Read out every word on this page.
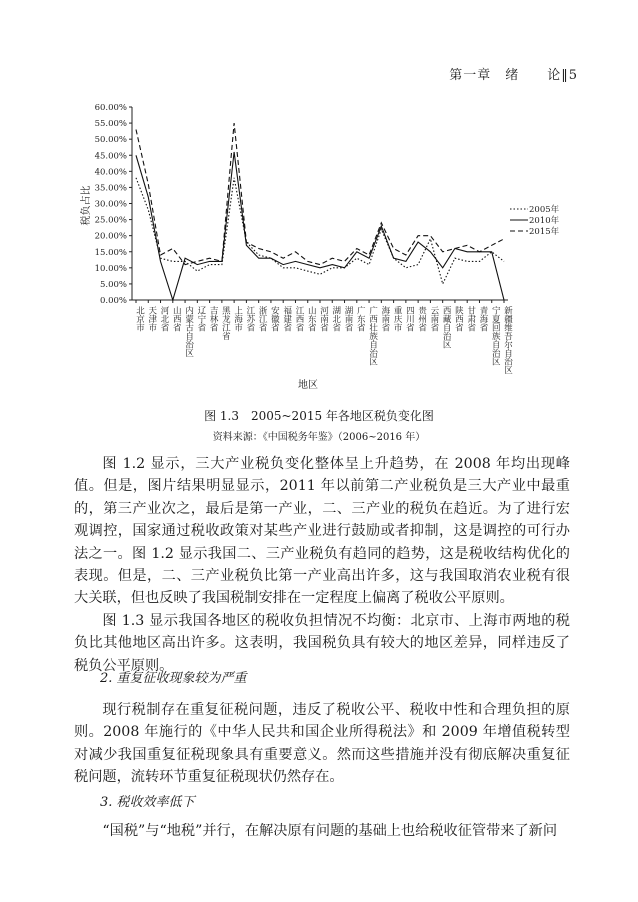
第一章　绪　　论‖5
0.00%
5.00%
10.00%
15.00%
20.00%
25.00%
30.00%
35.00%
40.00%
45.00%
50.00%
55.00%
60.00%
税负占比
北京市 天津市 河北省 山西省 内蒙古自治区 辽宁省 吉林省 黑龙江省 上海市 江苏省 浙江省 安徽省 福建省 江西省 山东省 河南省 湖北省 湖南省 广东省 广西壮族自治区 海南省 重庆市 四川省 贵州省 云南省 西藏自治区 陕西省 甘肃省 青海省 宁夏回族自治区 新疆维吾尔自治区
地区
2005年
2010年
2015年
图 1.3　2005~2015 年各地区税负变化图
资料来源：《中国税务年鉴》（2006~2016 年）

图 1.2 显示，三大产业税负变化整体呈上升趋势，在 2008 年均出现峰值。但是，图片结果明显显示，2011 年以前第二产业税负是三大产业中最重的，第三产业次之，最后是第一产业，二、三产业的税负在趋近。为了进行宏观调控，国家通过税收政策对某些产业进行鼓励或者抑制，这是调控的可行办法之一。图 1.2 显示我国二、三产业税负有趋同的趋势，这是税收结构优化的表现。但是，二、三产业税负比第一产业高出许多，这与我国取消农业税有很大关联，但也反映了我国税制安排在一定程度上偏离了税收公平原则。

图 1.3 显示我国各地区的税收负担情况不均衡：北京市、上海市两地的税负比其他地区高出许多。这表明，我国税负具有较大的地区差异，同样违反了税负公平原则。

2. 重复征收现象较为严重

现行税制存在重复征税问题，违反了税收公平、税收中性和合理负担的原则。2008 年施行的《中华人民共和国企业所得税法》和 2009 年增值税转型对减少我国重复征税现象具有重要意义。然而这些措施并没有彻底解决重复征税问题，流转环节重复征税现状仍然存在。

3. 税收效率低下

“国税”与“地税”并行，在解决原有问题的基础上也给税收征管带来了新问
